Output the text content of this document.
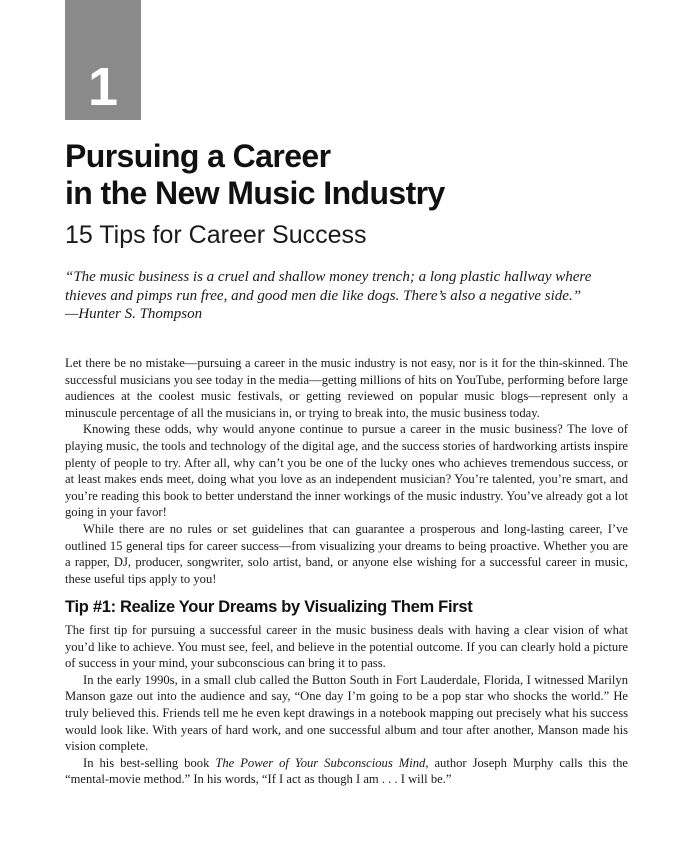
1
Pursuing a Career
in the New Music Industry
15 Tips for Career Success

“The music business is a cruel and shallow money trench; a long plastic hallway where thieves and pimps run free, and good men die like dogs. There’s also a negative side.”

—Hunter S. Thompson

Let there be no mistake—pursuing a career in the music industry is not easy, nor is it for the thin-skinned. The successful musicians you see today in the media—getting millions of hits on YouTube, performing before large audiences at the coolest music festivals, or getting reviewed on popular music blogs—represent only a minuscule percentage of all the musicians in, or trying to break into, the music business today.

Knowing these odds, why would anyone continue to pursue a career in the music business? The love of playing music, the tools and technology of the digital age, and the success stories of hardworking artists inspire plenty of people to try. After all, why can’t you be one of the lucky ones who achieves tremendous success, or at least makes ends meet, doing what you love as an independent musician? You’re talented, you’re smart, and you’re reading this book to better understand the inner workings of the music industry. You’ve already got a lot going in your favor!

While there are no rules or set guidelines that can guarantee a prosperous and long-lasting career, I’ve outlined 15 general tips for career success—from visualizing your dreams to being proactive. Whether you are a rapper, DJ, producer, songwriter, solo artist, band, or anyone else wishing for a successful career in music, these useful tips apply to you!

Tip #1: Realize Your Dreams by Visualizing Them First

The first tip for pursuing a successful career in the music business deals with having a clear vision of what you’d like to achieve. You must see, feel, and believe in the potential outcome. If you can clearly hold a picture of success in your mind, your subconscious can bring it to pass.

In the early 1990s, in a small club called the Button South in Fort Lauderdale, Florida, I witnessed Marilyn Manson gaze out into the audience and say, “One day I’m going to be a pop star who shocks the world.” He truly believed this. Friends tell me he even kept drawings in a notebook mapping out precisely what his success would look like. With years of hard work, and one successful album and tour after another, Manson made his vision complete.

In his best-selling book The Power of Your Subconscious Mind, author Joseph Murphy calls this the “mental-movie method.” In his words, “If I act as though I am . . . I will be.”
